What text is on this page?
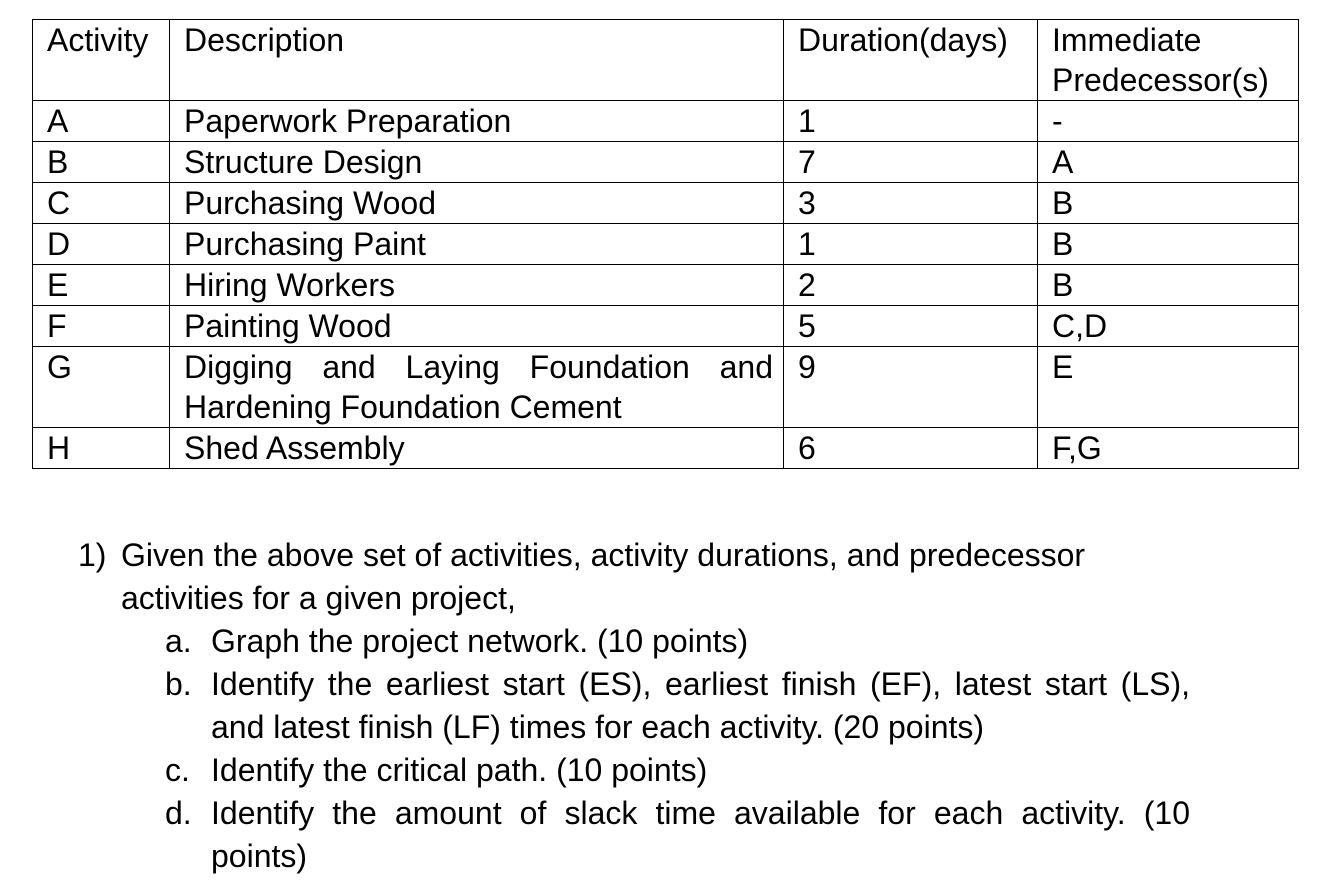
Activity	Description	Duration(days)	Immediate Predecessor(s)
A	Paperwork Preparation	1	-
B	Structure Design	7	A
C	Purchasing Wood	3	B
D	Purchasing Paint	1	B
E	Hiring Workers	2	B
F	Painting Wood	5	C,D
G	Digging and Laying Foundation and Hardening Foundation Cement	9	E
H	Shed Assembly	6	F,G
1) Given the above set of activities, activity durations, and predecessor activities for a given project,
a. Graph the project network. (10 points)
b. Identify the earliest start (ES), earliest finish (EF), latest start (LS), and latest finish (LF) times for each activity. (20 points)
c. Identify the critical path. (10 points)
d. Identify the amount of slack time available for each activity. (10 points)
